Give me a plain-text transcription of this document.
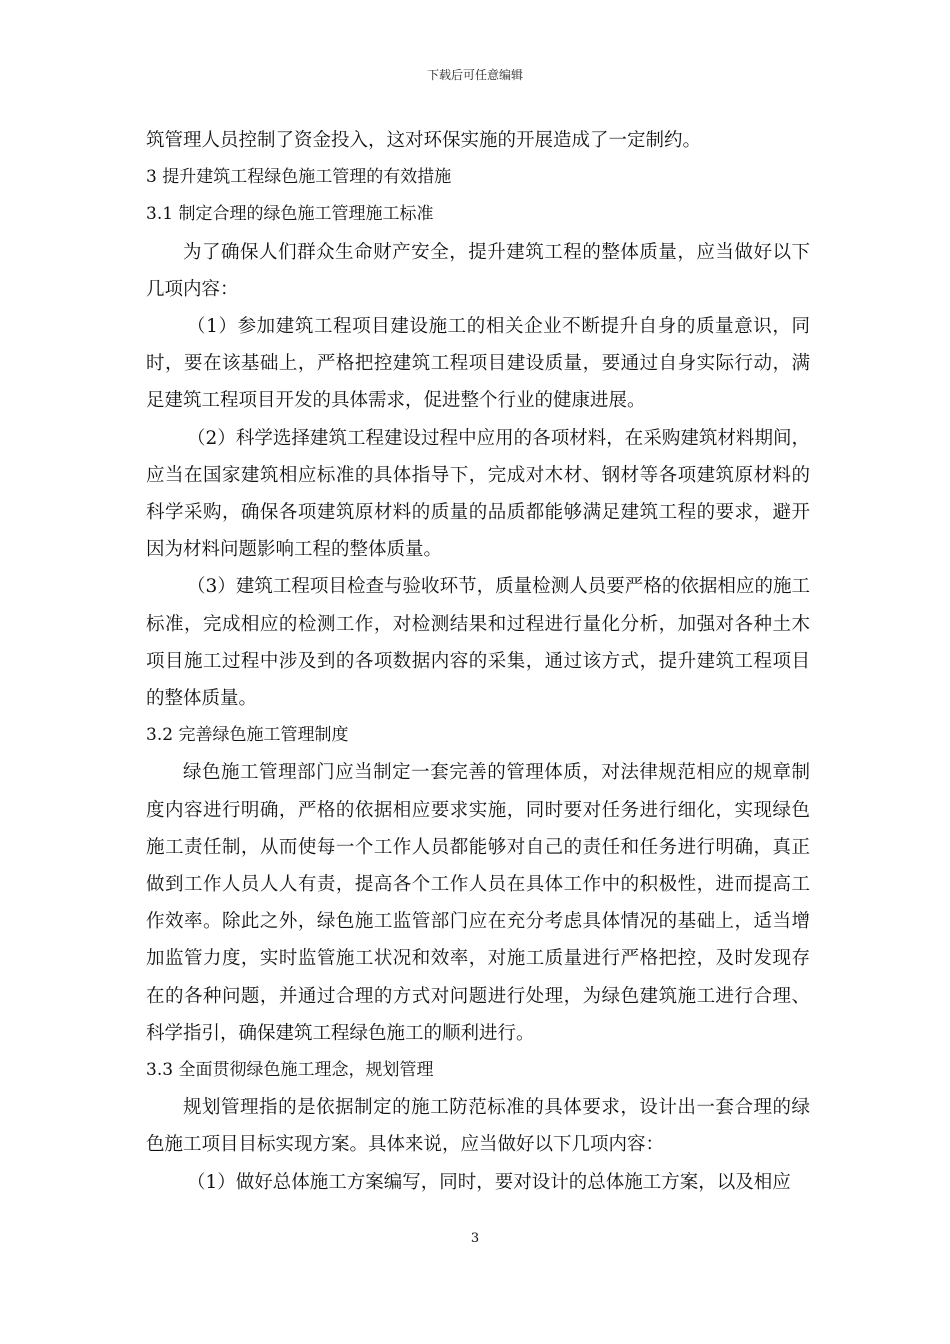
下载后可任意编辑

筑管理人员控制了资金投入，这对环保实施的开展造成了一定制约。

3 提升建筑工程绿色施工管理的有效措施

3.1 制定合理的绿色施工管理施工标准

为了确保人们群众生命财产安全，提升建筑工程的整体质量，应当做好以下几项内容：

（1）参加建筑工程项目建设施工的相关企业不断提升自身的质量意识，同时，要在该基础上，严格把控建筑工程项目建设质量，要通过自身实际行动，满足建筑工程项目开发的具体需求，促进整个行业的健康进展。

（2）科学选择建筑工程建设过程中应用的各项材料，在采购建筑材料期间，应当在国家建筑相应标准的具体指导下，完成对木材、钢材等各项建筑原材料的科学采购，确保各项建筑原材料的质量的品质都能够满足建筑工程的要求，避开因为材料问题影响工程的整体质量。

（3）建筑工程项目检查与验收环节，质量检测人员要严格的依据相应的施工标准，完成相应的检测工作，对检测结果和过程进行量化分析，加强对各种土木项目施工过程中涉及到的各项数据内容的采集，通过该方式，提升建筑工程项目的整体质量。

3.2 完善绿色施工管理制度

绿色施工管理部门应当制定一套完善的管理体质，对法律规范相应的规章制度内容进行明确，严格的依据相应要求实施，同时要对任务进行细化，实现绿色施工责任制，从而使每一个工作人员都能够对自己的责任和任务进行明确，真正做到工作人员人人有责，提高各个工作人员在具体工作中的积极性，进而提高工作效率。除此之外，绿色施工监管部门应在充分考虑具体情况的基础上，适当增加监管力度，实时监管施工状况和效率，对施工质量进行严格把控，及时发现存在的各种问题，并通过合理的方式对问题进行处理，为绿色建筑施工进行合理、科学指引，确保建筑工程绿色施工的顺利进行。

3.3 全面贯彻绿色施工理念，规划管理

规划管理指的是依据制定的施工防范标准的具体要求，设计出一套合理的绿色施工项目目标实现方案。具体来说，应当做好以下几项内容：

（1）做好总体施工方案编写，同时，要对设计的总体施工方案，以及相应

3
